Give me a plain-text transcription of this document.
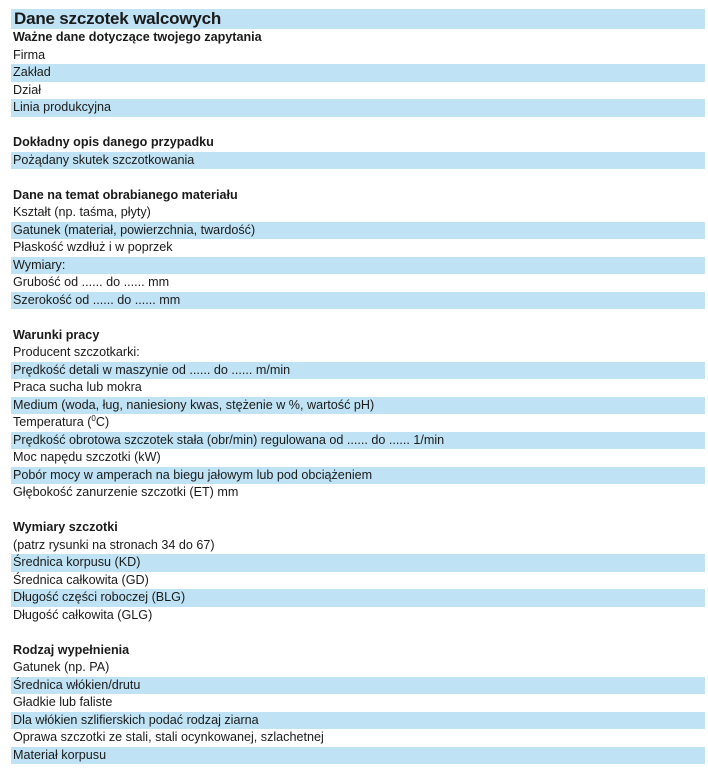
Dane szczotek walcowych
Ważne dane dotyczące twojego zapytania
Firma
Zakład
Dział
Linia produkcyjna
Dokładny opis danego przypadku
Pożądany skutek szczotkowania
Dane na temat obrabianego materiału
Kształt (np. taśma, płyty)
Gatunek (materiał, powierzchnia, twardość)
Płaskość wzdłuż i w poprzek
Wymiary:
Grubość od ...... do ...... mm
Szerokość od ...... do ...... mm
Warunki pracy
Producent szczotkarki:
Prędkość detali w maszynie od ...... do ...... m/min
Praca sucha lub mokra
Medium (woda, ług, naniesiony kwas, stężenie w %, wartość pH)
Temperatura ($^0$C)
Prędkość obrotowa szczotek stała (obr/min) regulowana od ...... do ...... 1/min
Moc napędu szczotki (kW)
Pobór mocy w amperach na biegu jałowym lub pod obciążeniem
Głębokość zanurzenie szczotki (ET) mm
Wymiary szczotki
(patrz rysunki na stronach 34 do 67)
Średnica korpusu (KD)
Średnica całkowita (GD)
Długość części roboczej (BLG)
Długość całkowita (GLG)
Rodzaj wypełnienia
Gatunek (np. PA)
Średnica włókien/drutu
Gładkie lub faliste
Dla włókien szlifierskich podać rodzaj ziarna
Oprawa szczotki ze stali, stali ocynkowanej, szlachetnej
Materiał korpusu
